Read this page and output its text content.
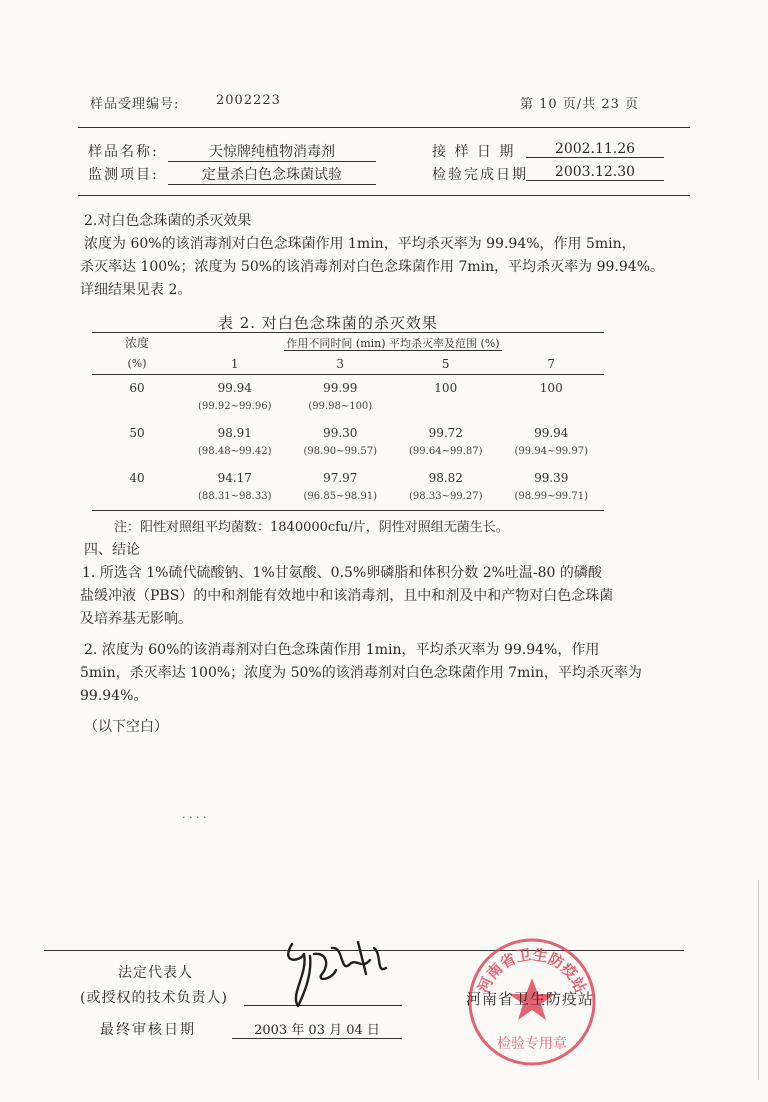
样品受理编号:	2002223	第 10 页/共 23 页
样品名称:	天惊牌纯植物消毒剂	接 样 日 期	2002.11.26
监测项目:	定量杀白色念珠菌试验	检验完成日期	2003.12.30

2.对白色念珠菌的杀灭效果

浓度为 60%的该消毒剂对白色念珠菌作用 1min，平均杀灭率为 99.94%，作用 5min，

杀灭率达 100%；浓度为 50%的该消毒剂对白色念珠菌作用 7min，平均杀灭率为 99.94%。

详细结果见表 2。

表 2. 对白色念珠菌的杀灭效果
浓度	作用不同时间 (min) 平均杀灭率及范围 (%)			
(%)	1	3	5	7
60	99.94	99.99	100	100
	(99.92~99.96)	(99.98~100)		
50	98.91	99.30	99.72	99.94
	(98.48~99.42)	(98.90~99.57)	(99.64~99.87)	(99.94~99.97)
40	94.17	97.97	98.82	99.39
	(88.31~98.33)	(96.85~98.91)	(98.33~99.27)	(98.99~99.71)
注：阳性对照组平均菌数：1840000cfu/片，阴性对照组无菌生长。

四、结论

1. 所选含 1%硫代硫酸钠、1%甘氨酸、0.5%卵磷脂和体积分数 2%吐温-80 的磷酸

盐缓冲液（PBS）的中和剂能有效地中和该消毒剂，且中和剂及中和产物对白色念珠菌

及培养基无影响。

2. 浓度为 60%的该消毒剂对白色念珠菌作用 1min，平均杀灭率为 99.94%，作用

5min，杀灭率达 100%；浓度为 50%的该消毒剂对白色念珠菌作用 7min，平均杀灭率为

99.94%。

（以下空白）

. . . .
法定代表人
(或授权的技术负责人)
最终审核日期	2003 年 03 月 04 日
河南省卫生防疫站
检验专用章
河南省卫生防疫站
